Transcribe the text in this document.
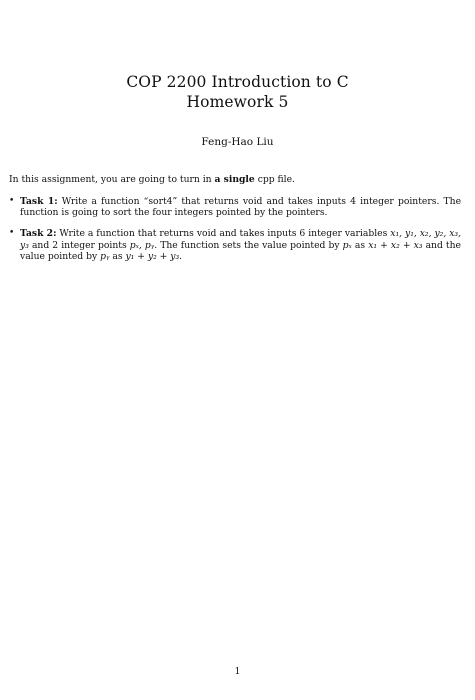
COP 2200 Introduction to C
Homework 5
Feng-Hao Liu
In this assignment, you are going to turn in a single cpp file.
• Task 1: Write a function “sort4” that returns void and takes inputs 4 integer pointers. The function is going to sort the four integers pointed by the pointers.
• Task 2: Write a function that returns void and takes inputs 6 integer variables x₁, y₁, x₂, y₂, x₃, y₃ and 2 integer points pₓ, pᵧ. The function sets the value pointed by pₓ as x₁ + x₂ + x₃ and the value pointed by pᵧ as y₁ + y₂ + y₃.
1
